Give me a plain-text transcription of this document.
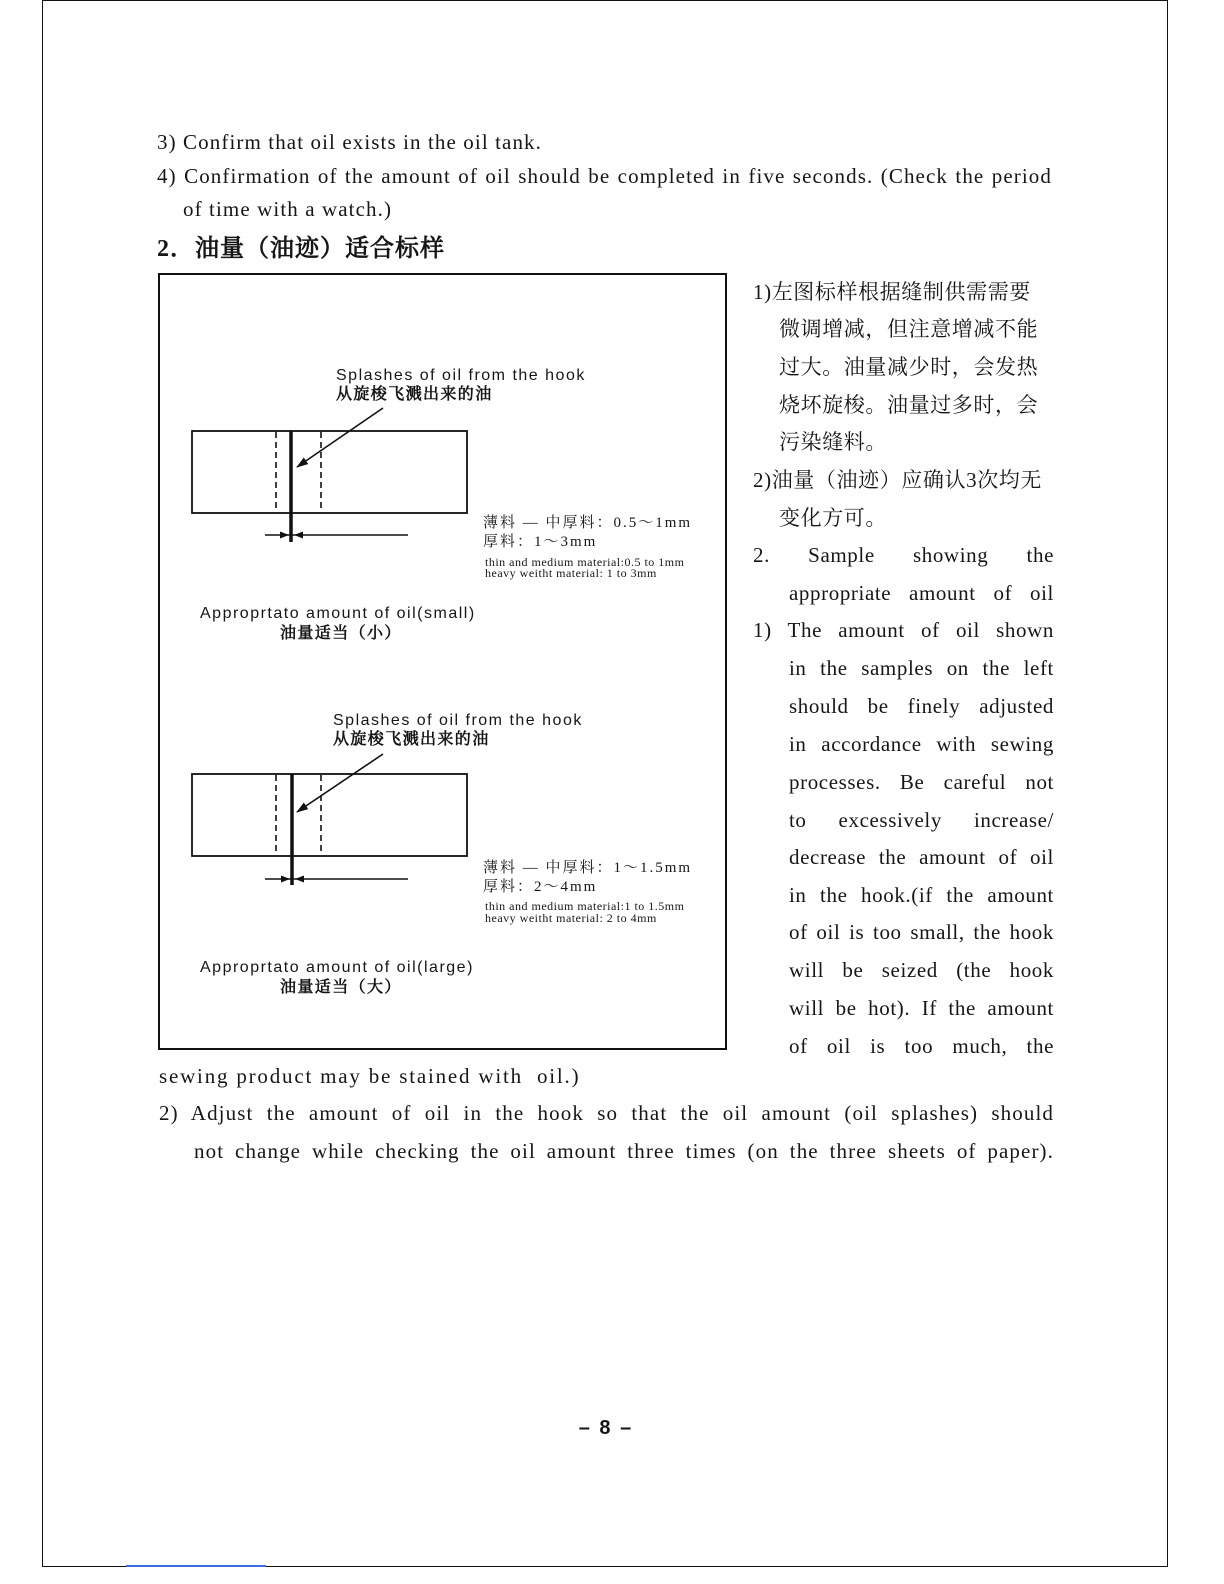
3) Confirm that oil exists in the oil tank.
4) Confirmation of the amount of oil should be completed in five seconds. (Check the period
of time with a watch.)
2．油量（油迹）适合标样
Splashes of oil from the hook
从旋梭飞溅出来的油
薄料 — 中厚料：0.5～1mm
厚料：1～3mm
thin and medium material:0.5 to 1mm
heavy weitht material: 1 to 3mm
Approprtato amount of oil(small)
油量适当（小）
Splashes of oil from the hook
从旋梭飞溅出来的油
薄料 — 中厚料：1～1.5mm
厚料：2～4mm
thin and medium material:1 to 1.5mm
heavy weitht material: 2 to 4mm
Approprtato amount of oil(large)
油量适当（大）
1)左图标样根据缝制供需需要
微调增减，但注意增减不能
过大。油量减少时，会发热
烧坏旋梭。油量过多时，会
污染缝料。
2)油量（油迹）应确认3次均无
变化方可。
2. Sample showing the
appropriate amount of oil
1) The amount of oil shown
in the samples on the left
should be finely adjusted
in accordance with sewing
processes. Be careful not
to excessively increase/
decrease the amount of oil
in the hook.(if the amount
of oil is too small, the hook
will be seized (the hook
will be hot). If the amount
of oil is too much, the
sewing product may be stained with  oil.)
2) Adjust the amount of oil in the hook so that the oil amount (oil splashes) should
not change while checking the oil amount three times (on the three sheets of paper).
– 8 –
